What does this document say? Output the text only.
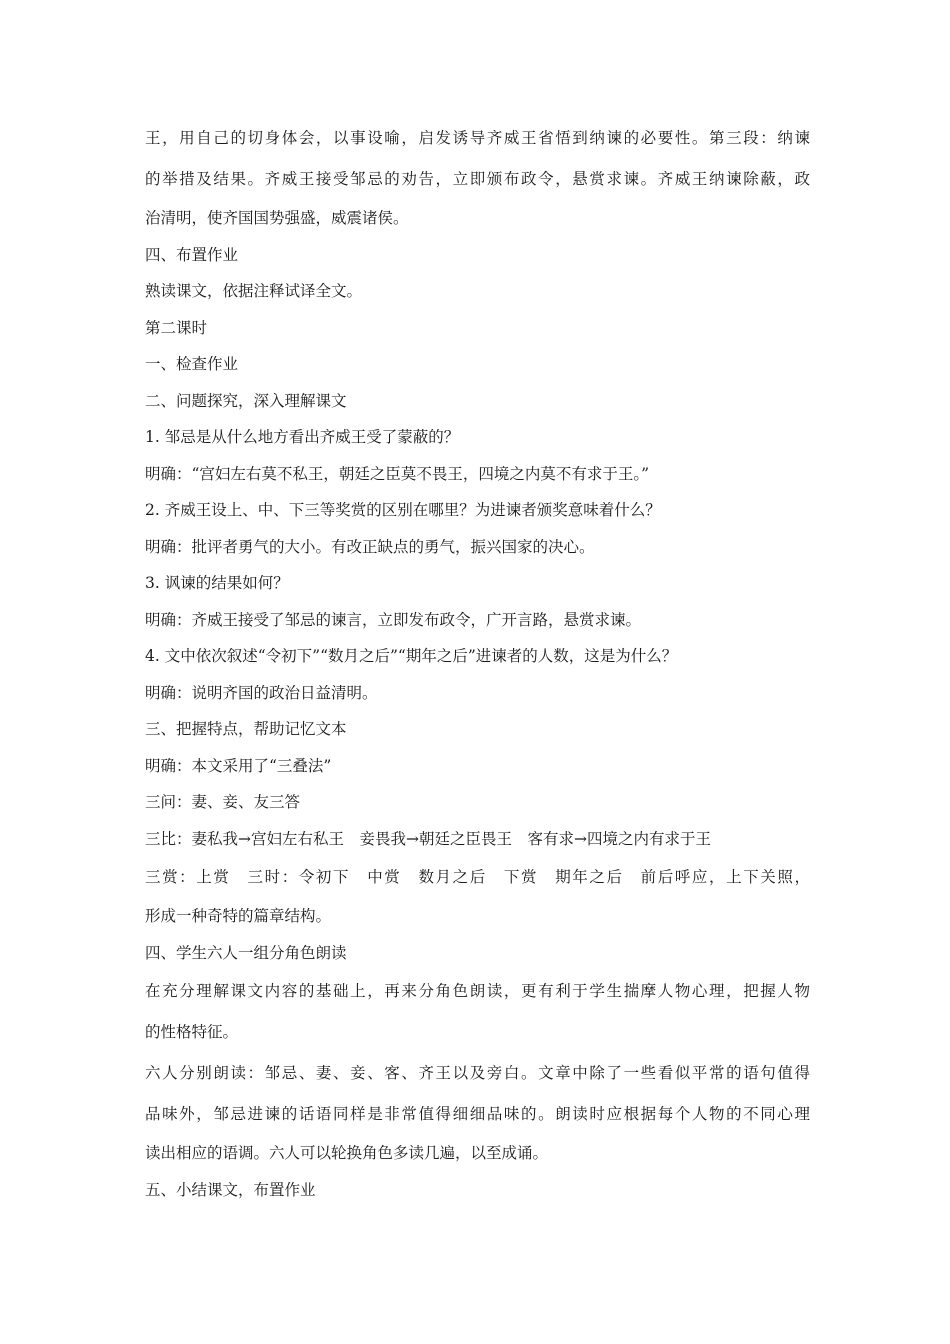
王，用自己的切身体会，以事设喻，启发诱导齐威王省悟到纳谏的必要性。第三段：纳谏
的举措及结果。齐威王接受邹忌的劝告，立即颁布政令，悬赏求谏。齐威王纳谏除蔽，政
治清明，使齐国国势强盛，威震诸侯。
四、布置作业
熟读课文，依据注释试译全文。
第二课时
一、检查作业
二、问题探究，深入理解课文
1. 邹忌是从什么地方看出齐威王受了蒙蔽的？
明确：“宫妇左右莫不私王，朝廷之臣莫不畏王，四境之内莫不有求于王。”
2. 齐威王设上、中、下三等奖赏的区别在哪里？为进谏者颁奖意味着什么？
明确：批评者勇气的大小。有改正缺点的勇气，振兴国家的决心。
3. 讽谏的结果如何？
明确：齐威王接受了邹忌的谏言，立即发布政令，广开言路，悬赏求谏。
4. 文中依次叙述“令初下”“数月之后”“期年之后”进谏者的人数，这是为什么？
明确：说明齐国的政治日益清明。
三、把握特点，帮助记忆文本
明确：本文采用了“三叠法”
三问：妻、妾、友三答
三比：妻私我→宫妇左右私王　妾畏我→朝廷之臣畏王　客有求→四境之内有求于王
三赏：上赏　三时：令初下　中赏　数月之后　下赏　期年之后　前后呼应，上下关照，
形成一种奇特的篇章结构。
四、学生六人一组分角色朗读
在充分理解课文内容的基础上，再来分角色朗读，更有利于学生揣摩人物心理，把握人物
的性格特征。
六人分别朗读：邹忌、妻、妾、客、齐王以及旁白。文章中除了一些看似平常的语句值得
品味外，邹忌进谏的话语同样是非常值得细细品味的。朗读时应根据每个人物的不同心理
读出相应的语调。六人可以轮换角色多读几遍，以至成诵。
五、小结课文，布置作业
